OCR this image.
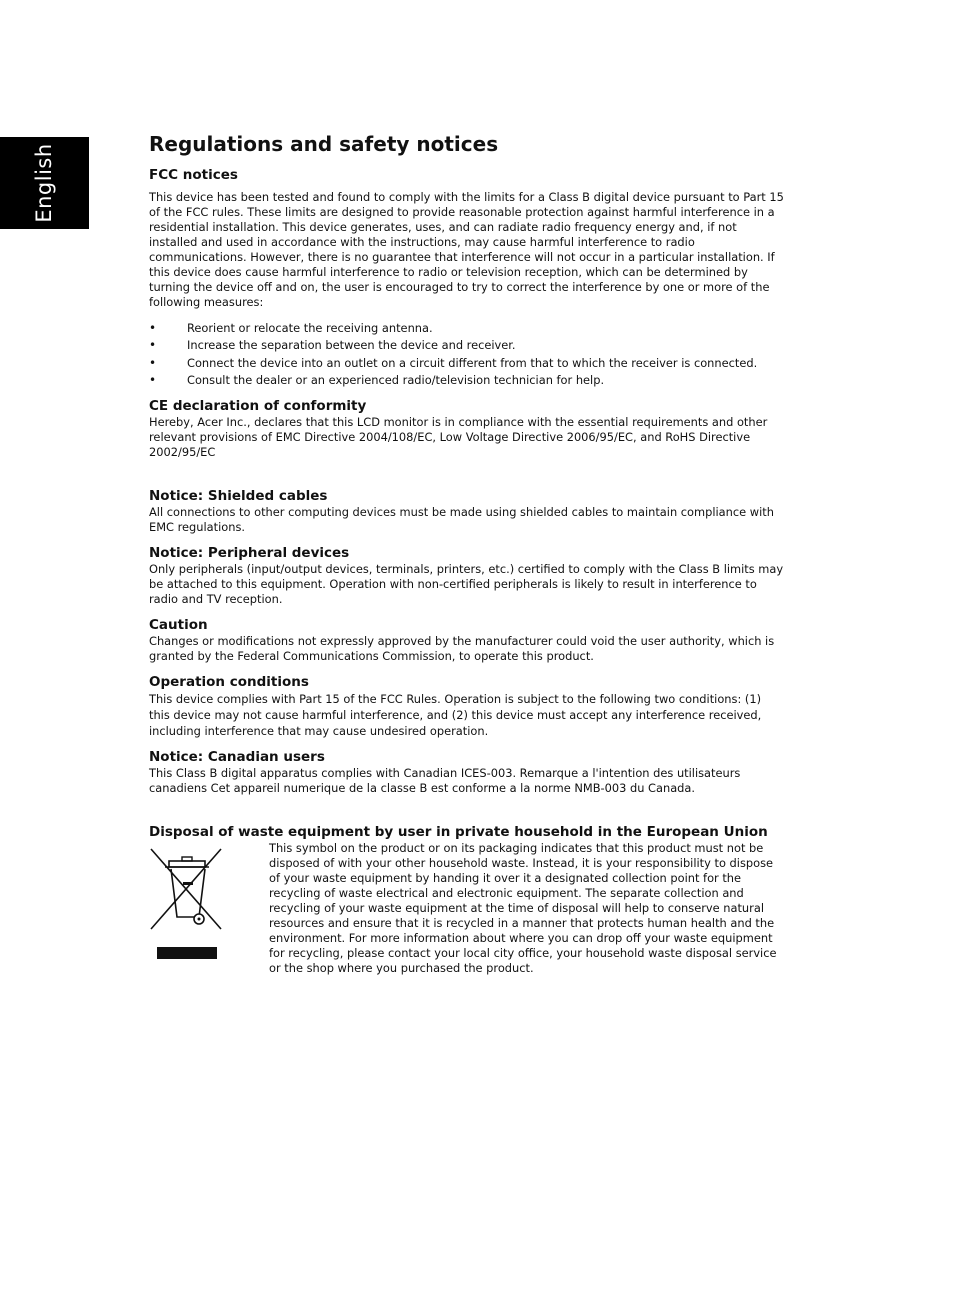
English	Regulations and safety notices
FCC notices

This device has been tested and found to comply with the limits for a Class B digital device pursuant to Part 15 of the FCC rules. These limits are designed to provide reasonable protection against harmful interference in a residential installation. This device generates, uses, and can radiate radio frequency energy and, if not installed and used in accordance with the instructions, may cause harmful interference to radio communications. However, there is no guarantee that interference will not occur in a particular installation. If this device does cause harmful interference to radio or television reception, which can be determined by turning the device off and on, the user is encouraged to try to correct the interference by one or more of the following measures:

•	Reorient or relocate the receiving antenna.
•	Increase the separation between the device and receiver.
•	Connect the device into an outlet on a circuit different from that to which the receiver is connected.
•	Consult the dealer or an experienced radio/television technician for help.
CE declaration of conformity

Hereby, Acer Inc., declares that this LCD monitor is in compliance with the essential requirements and other relevant provisions of EMC Directive 2004/108/EC, Low Voltage Directive 2006/95/EC, and RoHS Directive 2002/95/EC

Notice: Shielded cables

All connections to other computing devices must be made using shielded cables to maintain compliance with EMC regulations.

Notice: Peripheral devices

Only peripherals (input/output devices, terminals, printers, etc.) certified to comply with the Class B limits may be attached to this equipment. Operation with non-certified peripherals is likely to result in interference to radio and TV reception.

Caution

Changes or modifications not expressly approved by the manufacturer could void the user authority, which is granted by the Federal Communications Commission, to operate this product.

Operation conditions

This device complies with Part 15 of the FCC Rules. Operation is subject to the following two conditions: (1) this device may not cause harmful interference, and (2) this device must accept any interference received, including interference that may cause undesired operation.

Notice: Canadian users

This Class B digital apparatus complies with Canadian ICES-003. Remarque a l'intention des utilisateurs canadiens Cet appareil numerique de la classe B est conforme a la norme NMB-003 du Canada.

Disposal of waste equipment by user in private household in the European Union

This symbol on the product or on its packaging indicates that this product must not be disposed of with your other household waste. Instead, it is your responsibility to dispose of your waste equipment by handing it over it a designated collection point for the recycling of waste electrical and electronic equipment. The separate collection and recycling of your waste equipment at the time of disposal will help to conserve natural resources and ensure that it is recycled in a manner that protects human health and the environment. For more information about where you can drop off your waste equipment for recycling, please contact your local city office, your household waste disposal service or the shop where you purchased the product.
